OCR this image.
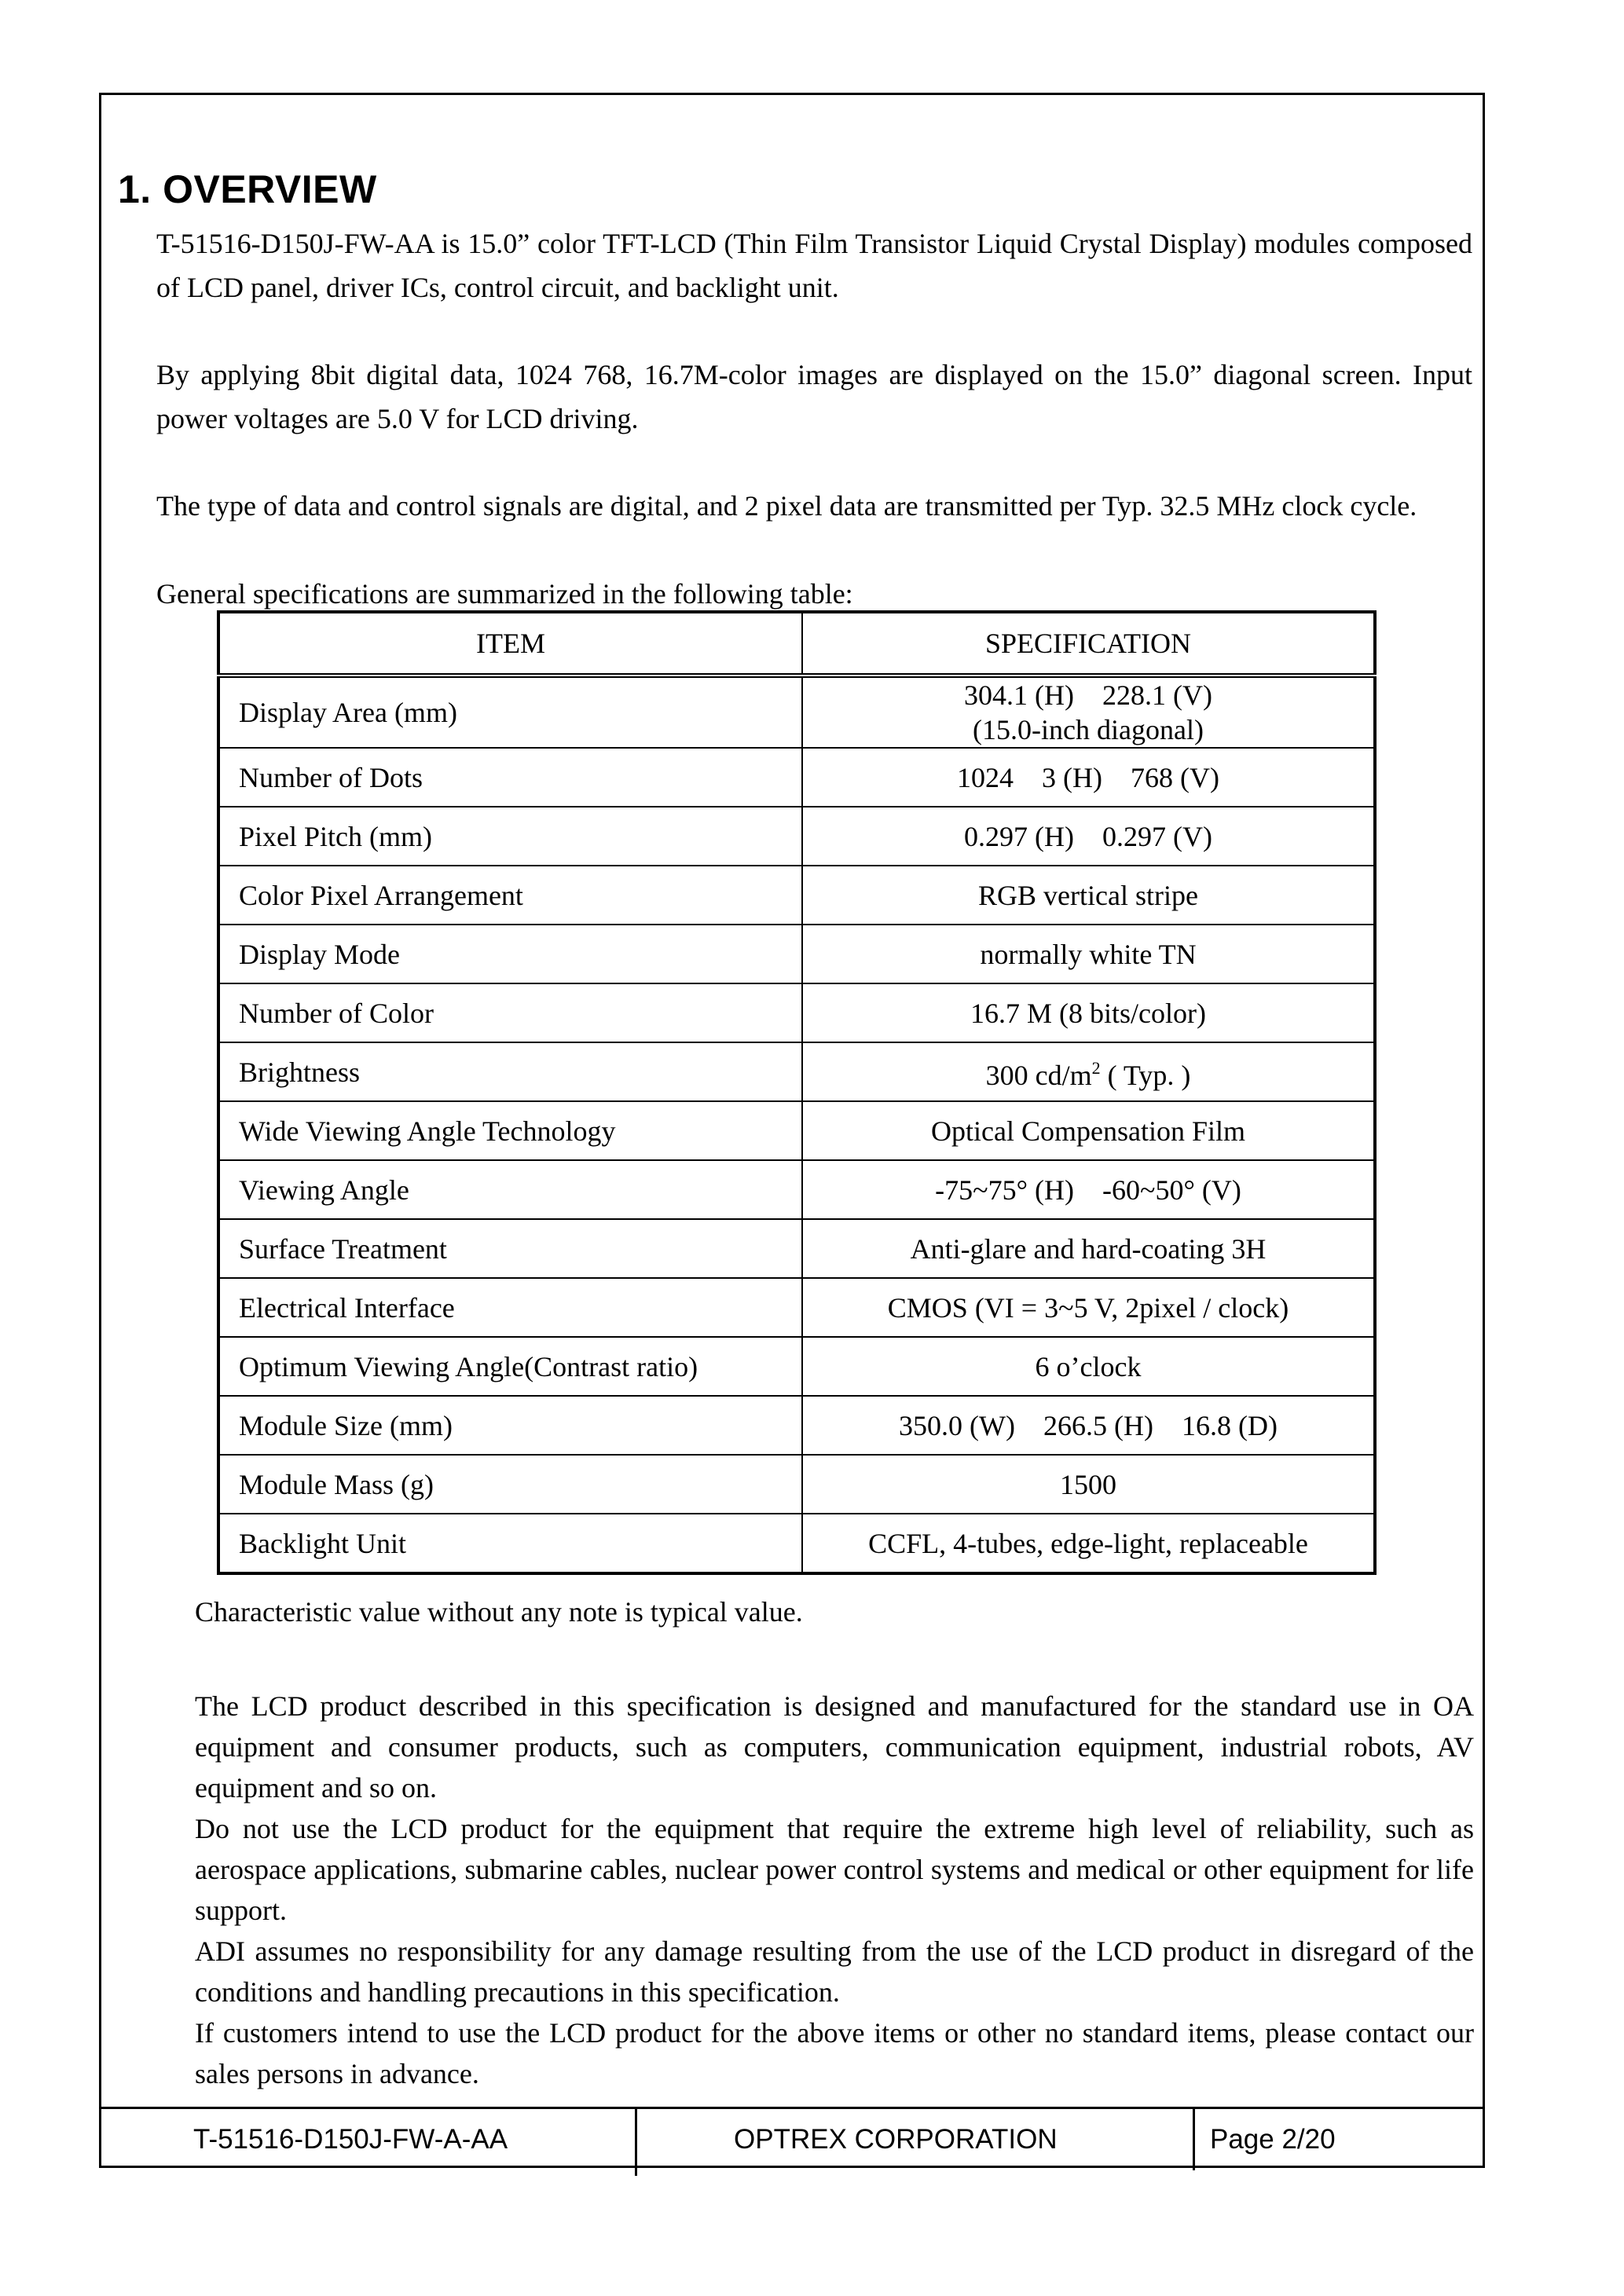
1. OVERVIEW

T-51516-D150J-FW-AA is 15.0” color TFT-LCD (Thin Film Transistor Liquid Crystal Display) modules composed of LCD panel, driver ICs, control circuit, and backlight unit.

By applying 8bit digital data, 1024 768, 16.7M-color images are displayed on the 15.0” diagonal screen. Input power voltages are 5.0 V for LCD driving.

The type of data and control signals are digital, and 2 pixel data are transmitted per Typ. 32.5 MHz clock cycle.

General specifications are summarized in the following table:

ITEM	SPECIFICATION
Display Area (mm)	304.1 (H)    228.1 (V)
(15.0-inch diagonal)

Number of Dots	1024    3 (H)    768 (V)
Pixel Pitch (mm)	0.297 (H)    0.297 (V)
Color Pixel Arrangement	RGB vertical stripe
Display Mode	normally white TN
Number of Color	16.7 M (8 bits/color)
Brightness	300 $cd/m^2$ ( Typ. )
Wide Viewing Angle Technology	Optical Compensation Film
Viewing Angle	-75~75° (H)    -60~50° (V)
Surface Treatment	Anti-glare and hard-coating 3H
Electrical Interface	CMOS (VI = 3~5 V, 2pixel / clock)
Optimum Viewing Angle(Contrast ratio)	6 o’clock
Module Size (mm)	350.0 (W)    266.5 (H)    16.8 (D)
Module Mass (g)	1500
Backlight Unit	CCFL, 4-tubes, edge-light, replaceable

Characteristic value without any note is typical value.

The LCD product described in this specification is designed and manufactured for the standard use in OA equipment and consumer products, such as computers, communication equipment, industrial robots, AV equipment and so on.
Do not use the LCD product for the equipment that require the extreme high level of reliability, such as aerospace applications, submarine cables, nuclear power control systems and medical or other equipment for life support.
ADI assumes no responsibility for any damage resulting from the use of the LCD product in disregard of the conditions and handling precautions in this specification.
If customers intend to use the LCD product for the above items or other no standard items, please contact our sales persons in advance.
T-51516-D150J-FW-A-AA	OPTREX CORPORATION	Page 2/20
